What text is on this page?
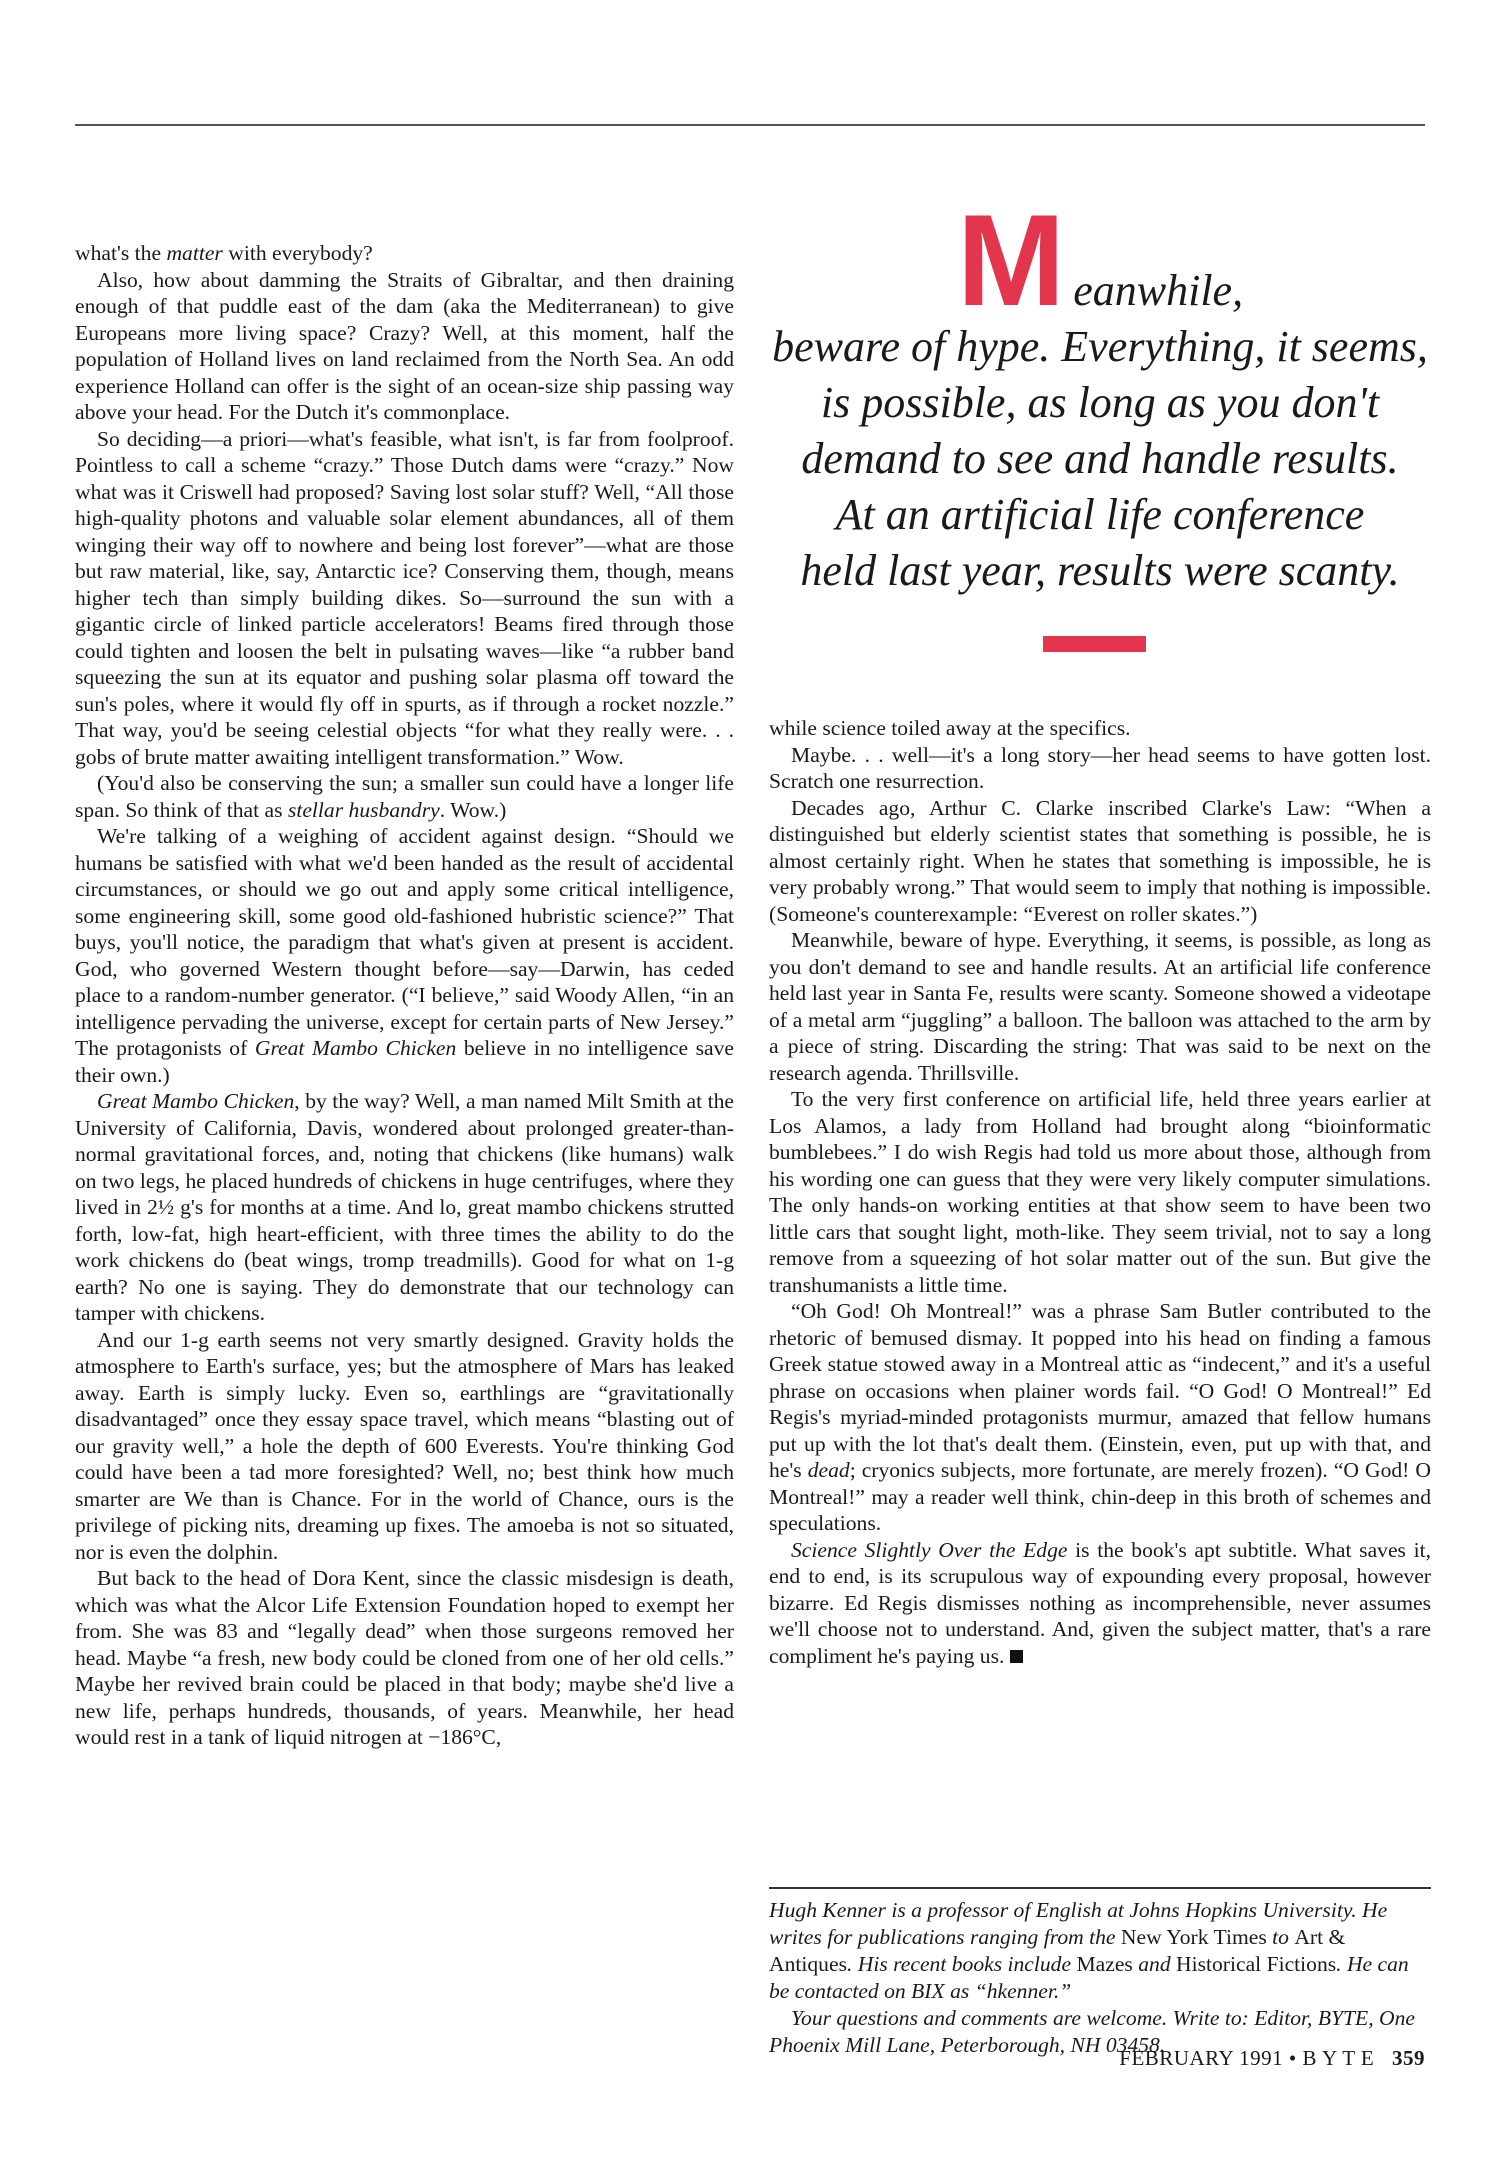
what's the matter with everybody?

Also, how about damming the Straits of Gibraltar, and then draining enough of that puddle east of the dam (aka the Mediterranean) to give Europeans more living space? Crazy? Well, at this moment, half the population of Holland lives on land reclaimed from the North Sea. An odd experience Holland can offer is the sight of an ocean-size ship passing way above your head. For the Dutch it's commonplace.

So deciding—a priori—what's feasible, what isn't, is far from foolproof. Pointless to call a scheme “crazy.” Those Dutch dams were “crazy.” Now what was it Criswell had proposed? Saving lost solar stuff? Well, “All those high-quality photons and valuable solar element abundances, all of them winging their way off to nowhere and being lost forever”—what are those but raw material, like, say, Antarctic ice? Conserving them, though, means higher tech than simply building dikes. So—surround the sun with a gigantic circle of linked particle accelerators! Beams fired through those could tighten and loosen the belt in pulsating waves—like “a rubber band squeezing the sun at its equator and pushing solar plasma off toward the sun's poles, where it would fly off in spurts, as if through a rocket nozzle.” That way, you'd be seeing celestial objects “for what they really were. . . gobs of brute matter awaiting intelligent transformation.” Wow.

(You'd also be conserving the sun; a smaller sun could have a longer life span. So think of that as stellar husbandry. Wow.)

We're talking of a weighing of accident against design. “Should we humans be satisfied with what we'd been handed as the result of accidental circumstances, or should we go out and apply some critical intelligence, some engineering skill, some good old-fashioned hubristic science?” That buys, you'll notice, the paradigm that what's given at present is accident. God, who governed Western thought before—say—Darwin, has ceded place to a random-number generator. (“I believe,” said Woody Allen, “in an intelligence pervading the universe, except for certain parts of New Jersey.” The protagonists of Great Mambo Chicken believe in no intelligence save their own.)

Great Mambo Chicken, by the way? Well, a man named Milt Smith at the University of California, Davis, wondered about prolonged greater-than-normal gravitational forces, and, noting that chickens (like humans) walk on two legs, he placed hundreds of chickens in huge centrifuges, where they lived in 2½ g's for months at a time. And lo, great mambo chickens strutted forth, low-fat, high heart-efficient, with three times the ability to do the work chickens do (beat wings, tromp treadmills). Good for what on 1-g earth? No one is saying. They do demonstrate that our technology can tamper with chickens.

And our 1-g earth seems not very smartly designed. Gravity holds the atmosphere to Earth's surface, yes; but the atmosphere of Mars has leaked away. Earth is simply lucky. Even so, earthlings are “gravitationally disadvantaged” once they essay space travel, which means “blasting out of our gravity well,” a hole the depth of 600 Everests. You're thinking God could have been a tad more foresighted? Well, no; best think how much smarter are We than is Chance. For in the world of Chance, ours is the privilege of picking nits, dreaming up fixes. The amoeba is not so situated, nor is even the dolphin.

But back to the head of Dora Kent, since the classic misdesign is death, which was what the Alcor Life Extension Foundation hoped to exempt her from. She was 83 and “legally dead” when those surgeons removed her head. Maybe “a fresh, new body could be cloned from one of her old cells.” Maybe her revived brain could be placed in that body; maybe she'd live a new life, perhaps hundreds, thousands, of years. Meanwhile, her head would rest in a tank of liquid nitrogen at −186°C,

Meanwhile,
beware of hype. Everything, it seems,
is possible, as long as you don't
demand to see and handle results.
At an artificial life conference
held last year, results were scanty.

while science toiled away at the specifics.

Maybe. . . well—it's a long story—her head seems to have gotten lost. Scratch one resurrection.

Decades ago, Arthur C. Clarke inscribed Clarke's Law: “When a distinguished but elderly scientist states that something is possible, he is almost certainly right. When he states that something is impossible, he is very probably wrong.” That would seem to imply that nothing is impossible. (Someone's counterexample: “Everest on roller skates.”)

Meanwhile, beware of hype. Everything, it seems, is possible, as long as you don't demand to see and handle results. At an artificial life conference held last year in Santa Fe, results were scanty. Someone showed a videotape of a metal arm “juggling” a balloon. The balloon was attached to the arm by a piece of string. Discarding the string: That was said to be next on the research agenda. Thrillsville.

To the very first conference on artificial life, held three years earlier at Los Alamos, a lady from Holland had brought along “bioinformatic bumblebees.” I do wish Regis had told us more about those, although from his wording one can guess that they were very likely computer simulations. The only hands-on working entities at that show seem to have been two little cars that sought light, moth-like. They seem trivial, not to say a long remove from a squeezing of hot solar matter out of the sun. But give the transhumanists a little time.

“Oh God! Oh Montreal!” was a phrase Sam Butler contributed to the rhetoric of bemused dismay. It popped into his head on finding a famous Greek statue stowed away in a Montreal attic as “indecent,” and it's a useful phrase on occasions when plainer words fail. “O God! O Montreal!” Ed Regis's myriad-minded protagonists murmur, amazed that fellow humans put up with the lot that's dealt them. (Einstein, even, put up with that, and he's dead; cryonics subjects, more fortunate, are merely frozen). “O God! O Montreal!” may a reader well think, chin-deep in this broth of schemes and speculations.

Science Slightly Over the Edge is the book's apt subtitle. What saves it, end to end, is its scrupulous way of expounding every proposal, however bizarre. Ed Regis dismisses nothing as incomprehensible, never assumes we'll choose not to understand. And, given the subject matter, that's a rare compliment he's paying us.

Hugh Kenner is a professor of English at Johns Hopkins University. He writes for publications ranging from the New York Times to Art & Antiques. His recent books include Mazes and Historical Fictions. He can be contacted on BIX as “hkenner.”

Your questions and comments are welcome. Write to: Editor, BYTE, One Phoenix Mill Lane, Peterborough, NH 03458.

FEBRUARY 1991 • B Y T E 359
